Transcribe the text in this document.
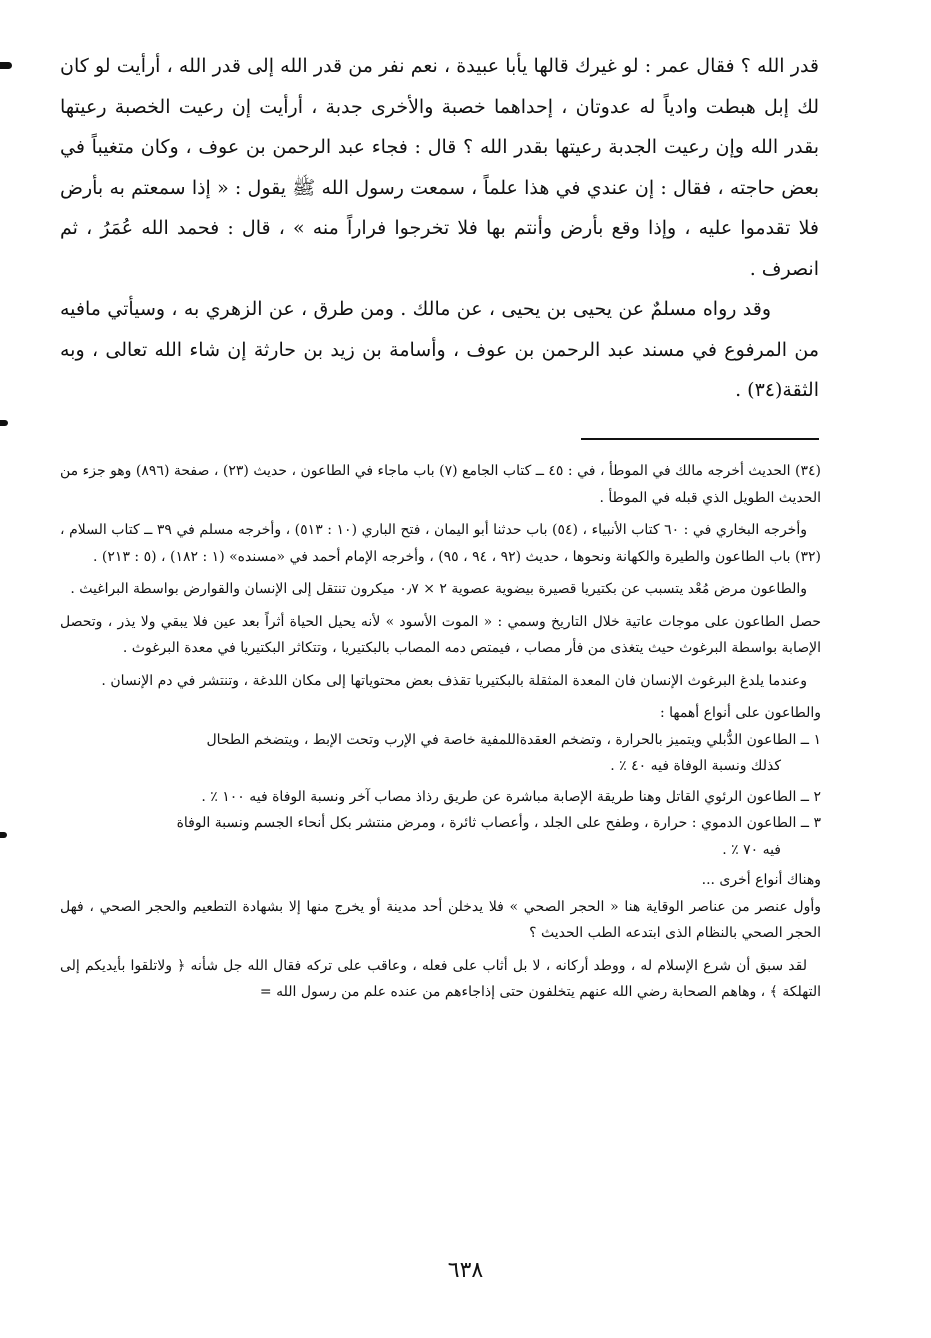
قدر الله ؟ فقال عمر : لو غيرك قالها يأبا عبيدة ، نعم نفر من قدر الله إلى قدر الله ، أرأيت لو كان لك إبل هبطت وادياً له عدوتان ، إحداهما خصبة والأخرى جدبة ، أرأيت إن رعيت الخصبة رعيتها بقدر الله وإن رعيت الجدبة رعيتها بقدر الله ؟ قال : فجاء عبد الرحمن بن عوف ، وكان متغيباً في بعض حاجته ، فقال : إن عندي في هذا علماً ، سمعت رسول الله ﷺ يقول : « إذا سمعتم به بأرض فلا تقدموا عليه ، وإذا وقع بأرض وأنتم بها فلا تخرجوا فراراً منه » ، قال : فحمد الله عُمَرُ ، ثم انصرف .

وقد رواه مسلمٌ عن يحيى بن يحيى ، عن مالك . ومن طرق ، عن الزهري به ، وسيأتي مافيه من المرفوع في مسند عبد الرحمن بن عوف ، وأسامة بن زيد بن حارثة إن شاء الله تعالى ، وبه الثقة(٣٤) .

(٣٤) الحديث أخرجه مالك في الموطأ ، في : ٤٥ ــ كتاب الجامع (٧) باب ماجاء في الطاعون ، حديث (٢٣) ، صفحة (٨٩٦) وهو جزء من الحديث الطويل الذي قبله في الموطأ .

وأخرجه البخاري في : ٦٠ كتاب الأنبياء ، (٥٤) باب حدثنا أبو اليمان ، فتح الباري (١٠ : ٥١٣) ، وأخرجه مسلم في ٣٩ ــ كتاب السلام ، (٣٢) باب الطاعون والطيرة والكهانة ونحوها ، حديث (٩٢ ، ٩٤ ، ٩٥) ، وأخرجه الإمام أحمد في «مسنده» (١ : ١٨٢) ، (٥ : ٢١٣) .

والطاعون مرض مُعْد يتسبب عن بكتيريا قصيرة بيضوية عصوية ٢ × ٠٫٧ ميكرون تنتقل إلى الإنسان والقوارض بواسطة البراغيث .

حصل الطاعون على موجات عاتية خلال التاريخ وسمي : « الموت الأسود » لأنه يحيل الحياة أثراً بعد عين فلا يبقي ولا يذر ، وتحصل الإصابة بواسطة البرغوث حيث يتغذى من فأر مصاب ، فيمتص دمه المصاب بالبكتيريا ، وتتكاثر البكتيريا في معدة البرغوث .

وعندما يلدغ البرغوث الإنسان فان المعدة المثقلة بالبكتيريا تقذف بعض محتوياتها إلى مكان اللدغة ، وتنتشر في دم الإنسان .

والطاعون على أنواع أهمها :

١ ــ الطاعون الدُّبلي ويتميز بالحرارة ، وتضخم العقدةاللمفية خاصة في الإرب وتحت الإبط ، ويتضخم الطحال

كذلك ونسبة الوفاة فيه ٤٠ ٪ .

٢ ــ الطاعون الرئوي القاتل وهنا طريقة الإصابة مباشرة عن طريق رذاذ مصاب آخر ونسبة الوفاة فيه ١٠٠ ٪ .

٣ ــ الطاعون الدموي : حرارة ، وطفح على الجلد ، وأعصاب ثائرة ، ومرض منتشر بكل أنحاء الجسم ونسبة الوفاة

فيه ٧٠ ٪ .

وهناك أنواع أخرى ...

وأول عنصر من عناصر الوقاية هنا « الحجر الصحي » فلا يدخلن أحد مدينة أو يخرج منها إلا بشهادة التطعيم والحجر الصحي ، فهل الحجر الصحي بالنظام الذى ابتدعه الطب الحديث ؟

لقد سبق أن شرع الإسلام له ، ووطد أركانه ، لا بل أثاب على فعله ، وعاقب على تركه فقال الله جل شأنه ﴿ ولاتلقوا بأيديكم إلى التهلكة ﴾ ، وهاهم الصحابة رضي الله عنهم يتخلفون حتى إذاجاءهم من عنده علم من رسول الله =

٦٣٨
